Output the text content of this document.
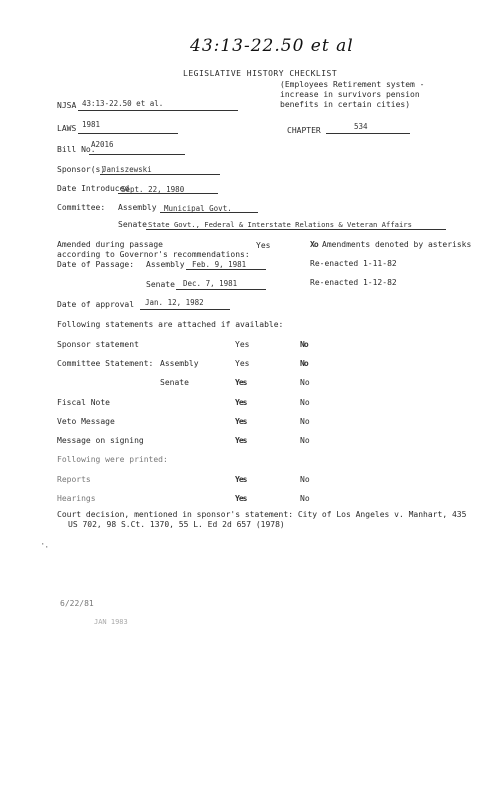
43:13-22.50 et al
LEGISLATIVE HISTORY CHECKLIST
(Employees Retirement system -
increase in survivors pension
benefits in certain cities)
NJSA 43:13-22.50 et al.
LAWS 1981
CHAPTER	534
Bill No.
A2016
Sponsor(s)
Janiszewski
Date Introduced
Sept. 22, 1980
Committee: Assembly Municipal Govt.
Senate State Govt., Federal & Interstate Relations & Veteran Affairs
Amended during passage	Yes	Xo Amendments denoted by asterisks
according to Governor's recommendations:
Date of Passage: Assembly Feb. 9, 1981	Re-enacted 1-11-82
Senate Dec. 7, 1981	Re-enacted 1-12-82
Date of approval Jan. 12, 1982
Following statements are attached if available:
Sponsor statement	Yes	No
Committee Statement: Assembly	Yes	No
Senate	Yes	No
Fiscal Note	Yes	No
Veto Message	Yes	No
Message on signing	Yes	No
Following were printed:
Reports	Yes	No
Hearings	Yes	No
Court decision, mentioned in sponsor's statement: City of Los Angeles v. Manhart, 435
US 702, 98 S.Ct. 1370, 55 L. Ed 2d 657 (1978)
·
·
6/22/81
JAN 1983
